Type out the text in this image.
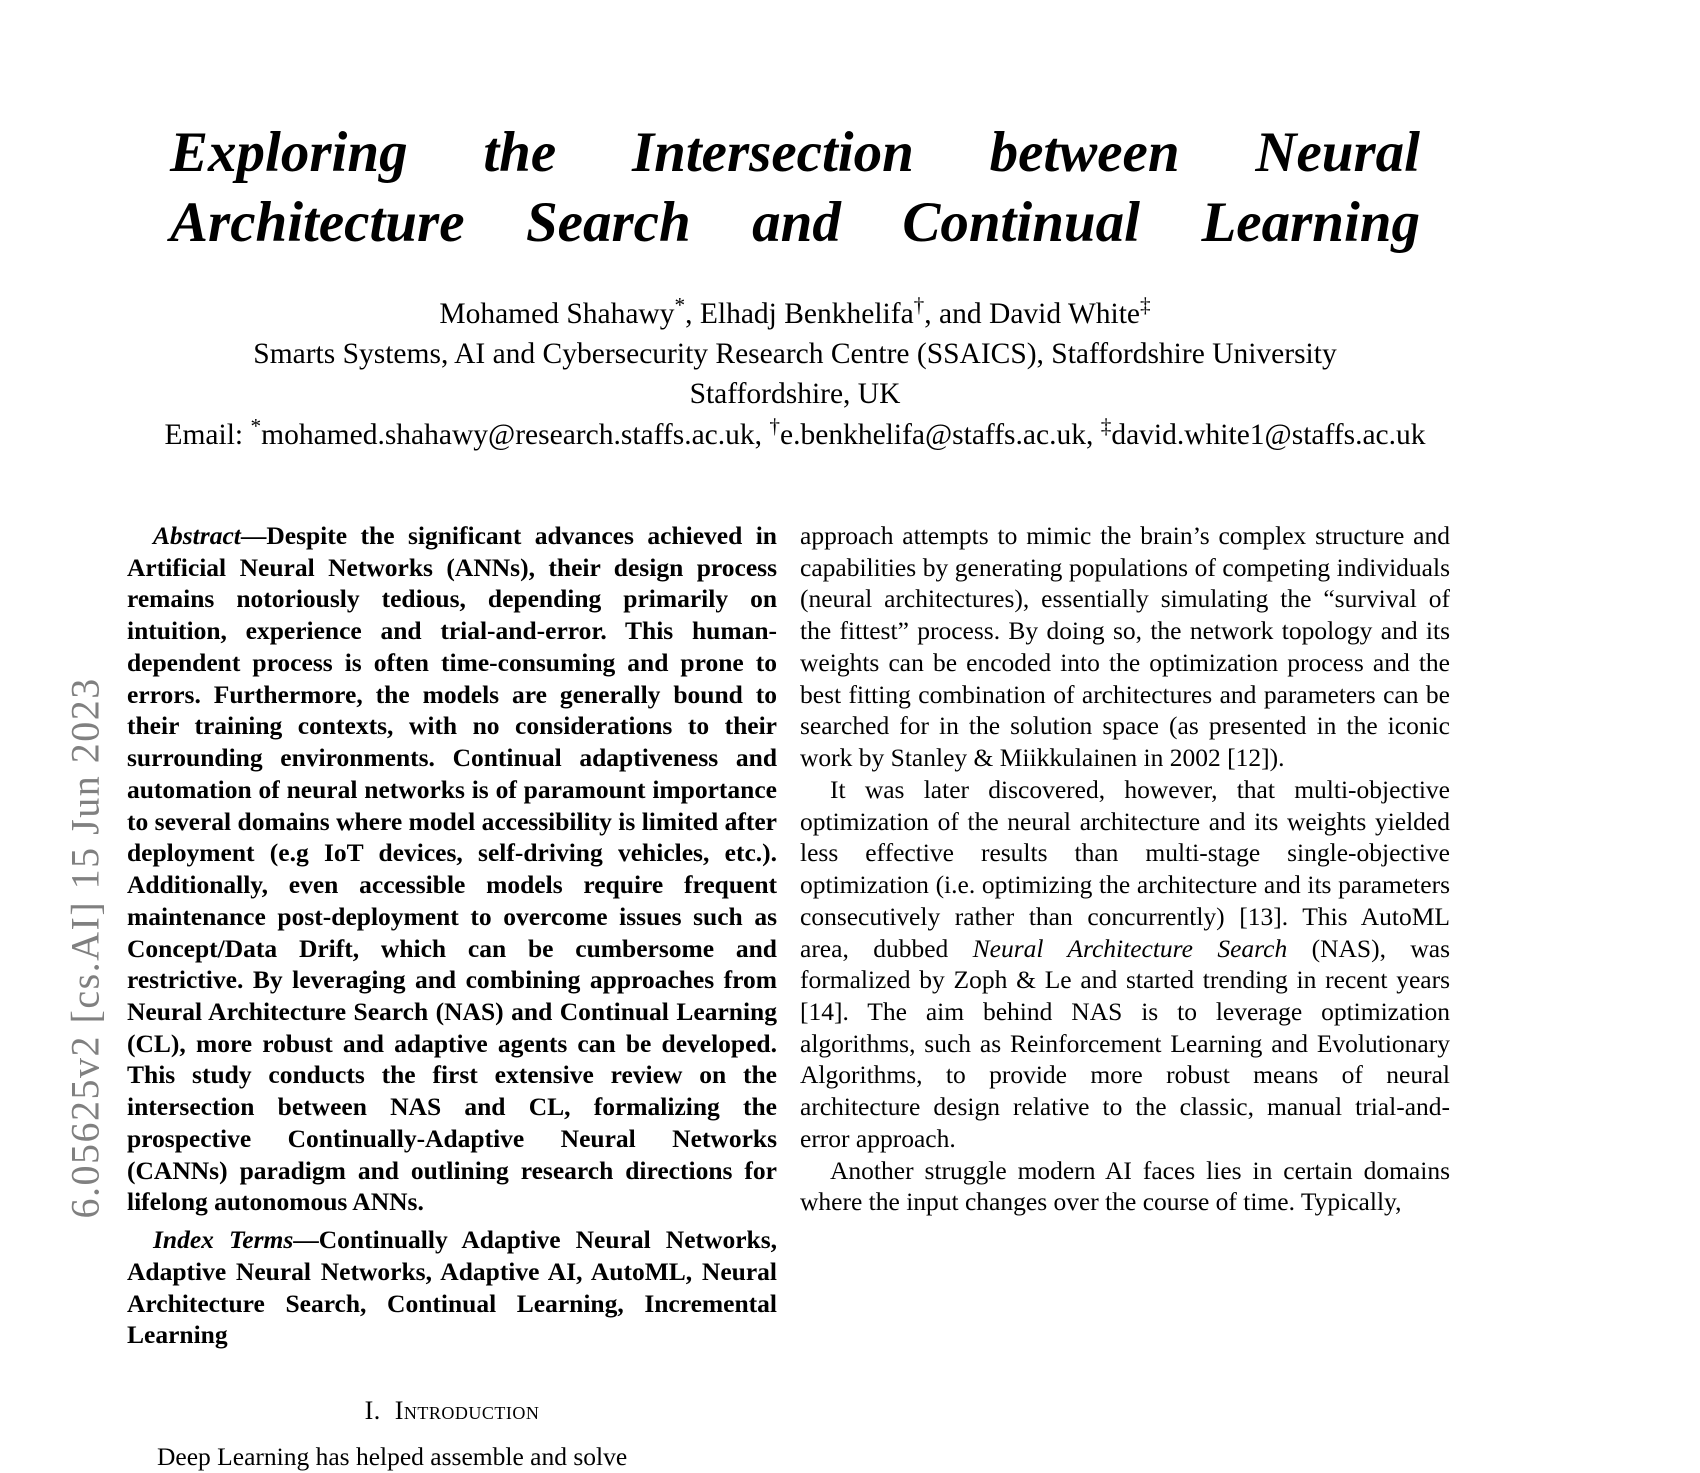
6.05625v2 [cs.AI] 15 Jun 2023
Exploring the Intersection between Neural
Architecture Search and Continual Learning
Mohamed Shahawy*, Elhadj Benkhelifa†, and David White‡
Smarts Systems, AI and Cybersecurity Research Centre (SSAICS), Staffordshire University
Staffordshire, UK
Email: *mohamed.shahawy@research.staffs.ac.uk, †e.benkhelifa@staffs.ac.uk, ‡david.white1@staffs.ac.uk

Abstract—Despite the significant advances achieved in Artificial Neural Networks (ANNs), their design process remains notoriously tedious, depending primarily on intuition, experience and trial-and-error. This human-dependent process is often time-consuming and prone to errors. Furthermore, the models are generally bound to their training contexts, with no considerations to their surrounding environments. Continual adaptiveness and automation of neural networks is of paramount importance to several domains where model accessibility is limited after deployment (e.g IoT devices, self-driving vehicles, etc.). Additionally, even accessible models require frequent maintenance post-deployment to overcome issues such as Concept/Data Drift, which can be cumbersome and restrictive. By leveraging and combining approaches from Neural Architecture Search (NAS) and Continual Learning (CL), more robust and adaptive agents can be developed. This study conducts the first extensive review on the intersection between NAS and CL, formalizing the prospective Continually-Adaptive Neural Networks (CANNs) paradigm and outlining research directions for lifelong autonomous ANNs.

Index Terms—Continually Adaptive Neural Networks, Adaptive Neural Networks, Adaptive AI, AutoML, Neural Architecture Search, Continual Learning, Incremental Learning

I. Introduction

Deep Learning has helped assemble and solve

approach attempts to mimic the brain’s complex structure and capabilities by generating populations of competing individuals (neural architectures), essentially simulating the “survival of the fittest” process. By doing so, the network topology and its weights can be encoded into the optimization process and the best fitting combination of architectures and parameters can be searched for in the solution space (as presented in the iconic work by Stanley & Miikkulainen in 2002 [12]).

It was later discovered, however, that multi-objective optimization of the neural architecture and its weights yielded less effective results than multi-stage single-objective optimization (i.e. optimizing the architecture and its parameters consecutively rather than concurrently) [13]. This AutoML area, dubbed Neural Architecture Search (NAS), was formalized by Zoph & Le and started trending in recent years [14]. The aim behind NAS is to leverage optimization algorithms, such as Reinforcement Learning and Evolutionary Algorithms, to provide more robust means of neural architecture design relative to the classic, manual trial-and-error approach.

Another struggle modern AI faces lies in certain domains where the input changes over the course of time. Typically,
